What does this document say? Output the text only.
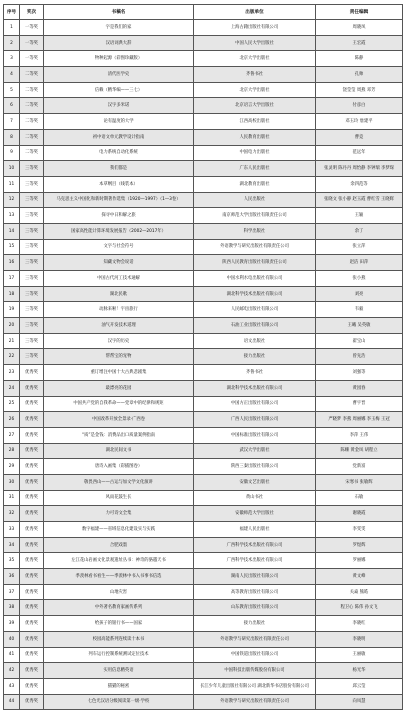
序号	奖次	书稿名	出版单位	责任编辑
1	一等奖	字是我们的家	上海古籍出版社有限公司	周晓凤
2	一等奖	汉语词典大辞	中国人民大学出版社	王宏霞
3	一等奖	物种起源（彩图珍藏版）	北京大学出版社	陈静
4	二等奖	清代医学史	齐鲁书社	孔帅
5	二等奖	信赖（精华编——三七）	北京大学出版社	饶莹莹 周燕 邓芳
6	二等奖	汉字多米诺	北京语言大学出版社	付彦白
7	二等奖	论有温度的大学	江西高校出版社	邓玉玲 詹建平
8	二等奖	初中语文单元教学设计指南	人民教育出版社	曹竞
9	二等奖	电力系统自动化系统	中国电力出版社	范远年
10	三等奖	我们都是	广东人民出版社	张灵明 陈丹丹 周怡静 李钟瑞 李梦琛
11	三等奖	本草纲目（线装本）	湖北教育出版社	余四范等
12	三等奖	马克思主义中国化和新时期著作选集（1920—1997）（1—3卷）	人民出版社	张晓文 张小静 赵玉霞 曹红雪 王晓辉
13	三等奖	探寻中日和解之旅	南京师范大学出版社有限责任公司	王颖
14	三等奖	国家高性能计算环境发展报告（2002—2017年）	科学出版社	余丁
15	三等奖	文字与社会符号	外语教学与研究出版社有限责任公司	张立萍
16	三等奖	知藏文物会说话	陕西人民教育出版社有限责任公司	赵洁 田萍
17	三等奖	中国古代河工技术通解	中国水利水电出版社有限公司	张小燕
18	三等奖	湖北民歌	湖北科学技术出版社有限公司	刘亮
19	三等奖	动脉来啦！宇宙旅行	人民邮电出版社有限公司	韦毅
20	三等奖	油气开发技术道理	石油工业出版社有限公司	王曦 吴英敏
21	三等奖	汉字的历史	语文出版社	翟宝山
22	三等奖	帮帮宝的宠物	接力出版社	曾先浩
23	优秀奖	重订增注中国十大古典悲剧集	齐鲁书社	刘强等
24	优秀奖	最漂亮的花园	湖北科学技术出版社有限公司	黄园春
25	优秀奖	中国共产党的自我革命——党章中的纪律和规矩	中国方正出版社有限公司	曹宇晋
26	优秀奖	中国改革开放全景录·广西卷	广西人民出版社有限公司	严晓梦 李燕 周丽娜 李玉梅 王冠
27	优秀奖	“质”是金钱：消费品出口质量案例指南	中国标准出版社有限公司	李萍 王伟
28	优秀奖	湖北民间文书	武汉大学出版社	陈姗 黄金凤 胡程立
29	优秀奖	唐诗入画集（彩插图卷）	陕西三秦出版社有限公司	党新富
30	优秀奖	敬畏西山——古运与加文学文化演讲	安徽文艺出版社	宋寒书 张敏辉
31	优秀奖	风雨花鼓生长	黄山书社	石敏
32	优秀奖	力可诗文全集	安徽师范大学出版社	谢晓霞
33	优秀奖	数字福建——省域信息化建设实与实践	福建人民出版社	李雯雯
34	优秀奖	合肥戏墨	广西科学技术出版社有限公司	罗煜辉
35	优秀奖	左江花山岩画文化景观遗址丛书：神奇的骆越天书	广西科学技术出版社有限公司	罗丽娜
36	优秀奖	季羡林看书看生——季羡林中书入书事书信选	湖南人民出版社有限公司	黄文峰
37	优秀奖	山地灾害	高等教育出版社有限公司	关焱 熊皓
38	优秀奖	中外著名教育家画传系列	山东教育出版社有限公司	程卫心 陈伟 孙文飞
39	优秀奖	给孩子的银行书——国家	接力出版社	李晓红
40	优秀奖	校园高能系列连续读十本书	外语教学与研究出版社有限责任公司	李晓明
41	优秀奖	列车运行控制系统测试定位技术	中国铁道出版社有限公司	王丽敏
42	优秀奖	实用信息精英语	中国科技出版传媒股份有限公司	杨光华
43	优秀奖	猫猫的秘密	长江少年儿童出版社有限公司 湖北新华书店股份有限公司	邱云莹
44	优秀奖	七色光汉语分级阅读第一级·学校	外语教学与研究出版社有限责任公司	向凤慧
